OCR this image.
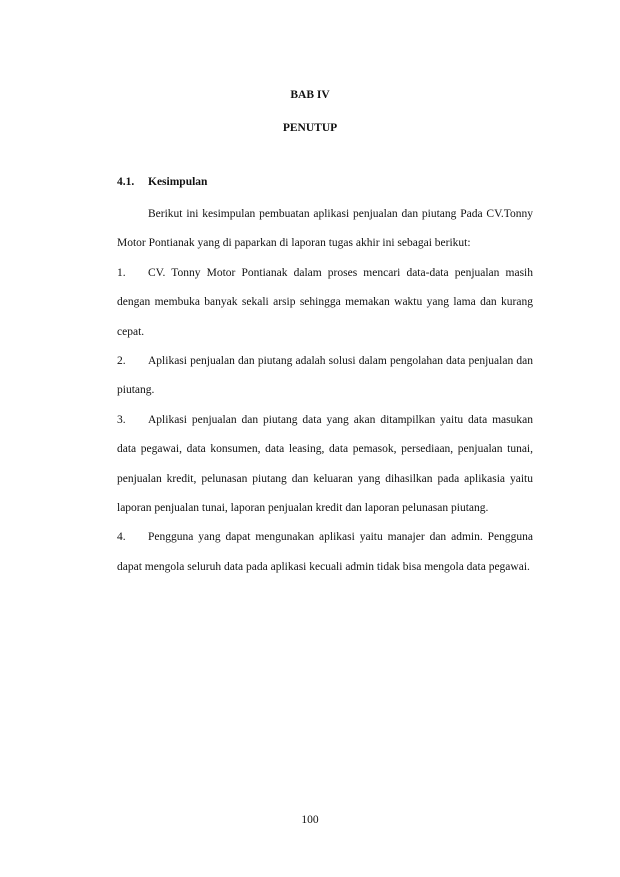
BAB IV
PENUTUP
4.1. Kesimpulan

Berikut ini kesimpulan pembuatan aplikasi penjualan dan piutang Pada CV.Tonny Motor Pontianak yang di paparkan di laporan tugas akhir ini sebagai berikut:

1. CV. Tonny Motor Pontianak dalam proses mencari data-data penjualan masih dengan membuka banyak sekali arsip sehingga memakan waktu yang lama dan kurang cepat.
2. Aplikasi penjualan dan piutang adalah solusi dalam pengolahan data penjualan dan piutang.
3. Aplikasi penjualan dan piutang data yang akan ditampilkan yaitu data masukan data pegawai, data konsumen, data leasing, data pemasok, persediaan, penjualan tunai, penjualan kredit, pelunasan piutang dan keluaran yang dihasilkan pada aplikasia yaitu laporan penjualan tunai, laporan penjualan kredit dan laporan pelunasan piutang.
4. Pengguna yang dapat mengunakan aplikasi yaitu manajer dan admin. Pengguna dapat mengola seluruh data pada aplikasi kecuali admin tidak bisa mengola data pegawai.
100
